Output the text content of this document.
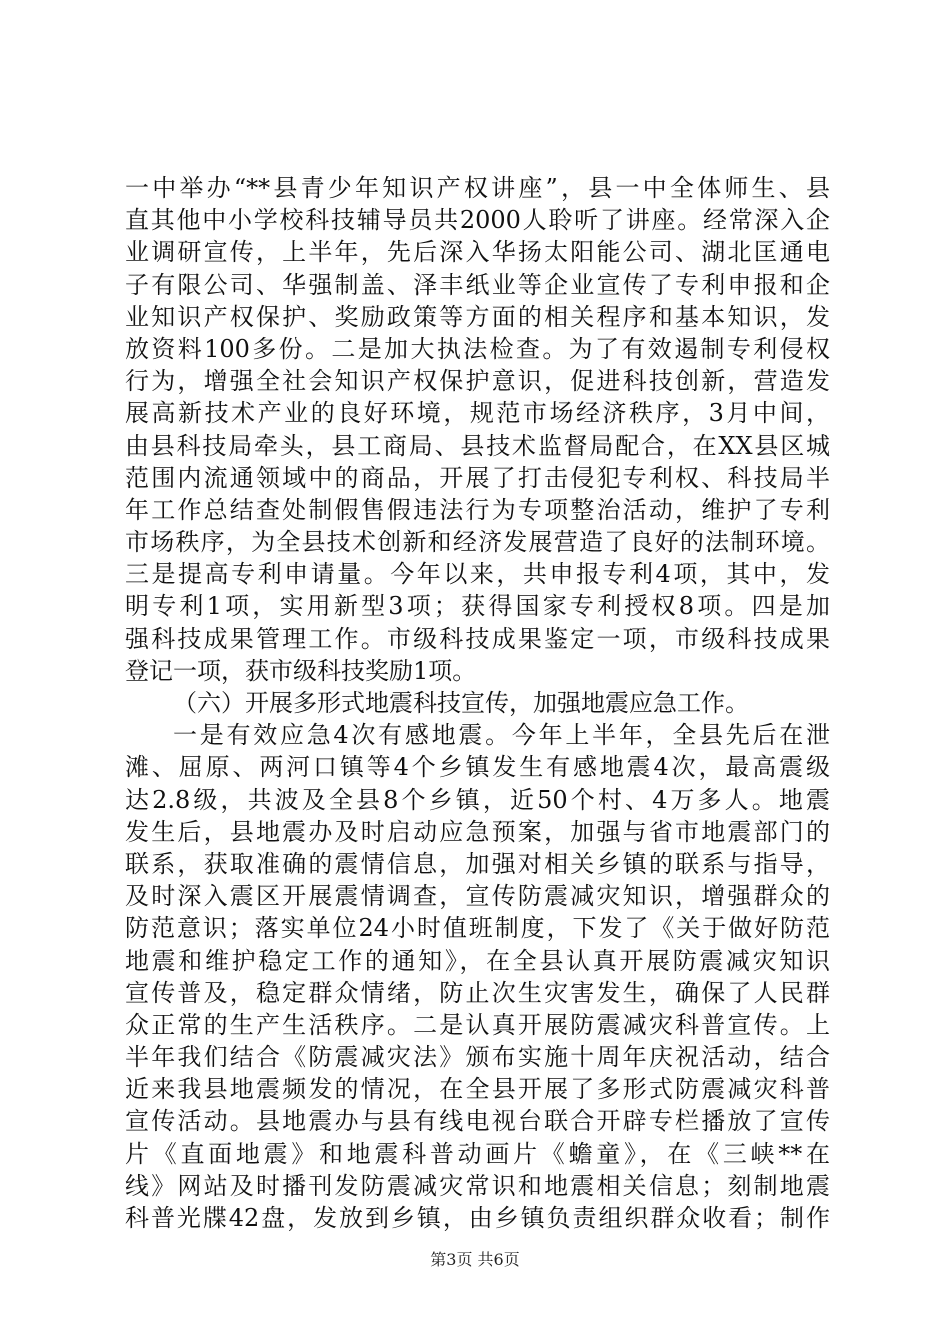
一中举办“**县青少年知识产权讲座”，县一中全体师生、县
直其他中小学校科技辅导员共2000人聆听了讲座。经常深入企
业调研宣传，上半年，先后深入华扬太阳能公司、湖北匡通电
子有限公司、华强制盖、泽丰纸业等企业宣传了专利申报和企
业知识产权保护、奖励政策等方面的相关程序和基本知识，发
放资料100多份。二是加大执法检查。为了有效遏制专利侵权
行为，增强全社会知识产权保护意识，促进科技创新，营造发
展高新技术产业的良好环境，规范市场经济秩序，3月中间，
由县科技局牵头，县工商局、县技术监督局配合，在XX县区城
范围内流通领域中的商品，开展了打击侵犯专利权、科技局半
年工作总结查处制假售假违法行为专项整治活动，维护了专利
市场秩序，为全县技术创新和经济发展营造了良好的法制环境。
三是提高专利申请量。今年以来，共申报专利4项，其中，发
明专利1项，实用新型3项；获得国家专利授权8项。四是加
强科技成果管理工作。市级科技成果鉴定一项，市级科技成果
登记一项，获市级科技奖励1项。
（六）开展多形式地震科技宣传，加强地震应急工作。
一是有效应急4次有感地震。今年上半年，全县先后在泄
滩、屈原、两河口镇等4个乡镇发生有感地震4次，最高震级
达2.8级，共波及全县8个乡镇，近50个村、4万多人。地震
发生后，县地震办及时启动应急预案，加强与省市地震部门的
联系，获取准确的震情信息，加强对相关乡镇的联系与指导，
及时深入震区开展震情调查，宣传防震减灾知识，增强群众的
防范意识；落实单位24小时值班制度，下发了《关于做好防范
地震和维护稳定工作的通知》，在全县认真开展防震减灾知识
宣传普及，稳定群众情绪，防止次生灾害发生，确保了人民群
众正常的生产生活秩序。二是认真开展防震减灾科普宣传。上
半年我们结合《防震减灾法》颁布实施十周年庆祝活动，结合
近来我县地震频发的情况，在全县开展了多形式防震减灾科普
宣传活动。县地震办与县有线电视台联合开辟专栏播放了宣传
片《直面地震》和地震科普动画片《蟾童》，在《三峡**在
线》网站及时播刊发防震减灾常识和地震相关信息；刻制地震
科普光牒42盘，发放到乡镇，由乡镇负责组织群众收看；制作
第3页 共6页
